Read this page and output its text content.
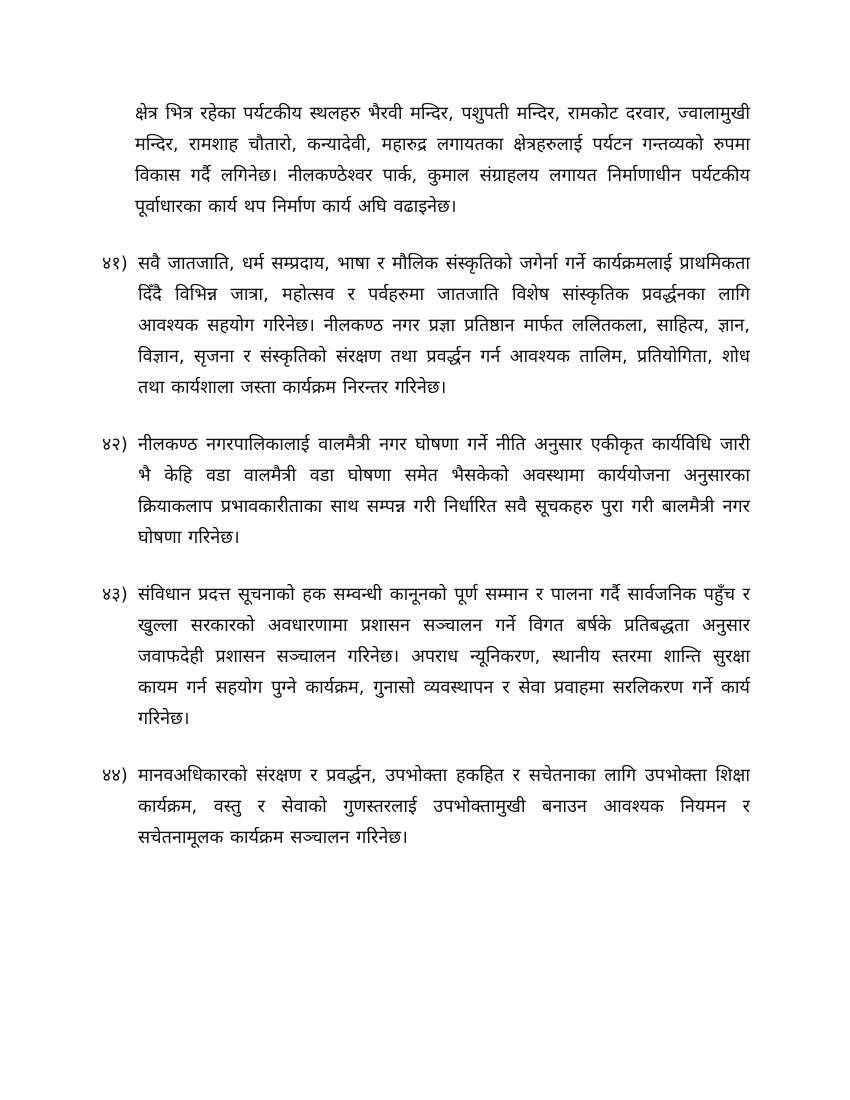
क्षेत्र भित्र रहेका पर्यटकीय स्थलहरु भैरवी मन्दिर, पशुपती मन्दिर, रामकोट दरवार, ज्वालामुखी मन्दिर, रामशाह चौतारो, कन्यादेवी, महारुद्र लगायतका क्षेत्रहरुलाई पर्यटन गन्तव्यको रुपमा विकास गर्दै लगिनेछ। नीलकण्ठेश्वर पार्क, कुमाल संग्राहलय लगायत निर्माणाधीन पर्यटकीय पूर्वाधारका कार्य थप निर्माण कार्य अघि वढाइनेछ।

४१) सवै जातजाति, धर्म सम्प्रदाय, भाषा र मौलिक संस्कृतिको जगेर्ना गर्ने कार्यक्रमलाई प्राथमिकता दिँदै विभिन्न जात्रा, महोत्सव र पर्वहरुमा जातजाति विशेष सांस्कृतिक प्रवर्द्धनका लागि आवश्यक सहयोग गरिनेछ। नीलकण्ठ नगर प्रज्ञा प्रतिष्ठान मार्फत ललितकला, साहित्य, ज्ञान, विज्ञान, सृजना र संस्कृतिको संरक्षण तथा प्रवर्द्धन गर्न आवश्यक तालिम, प्रतियोगिता, शोध तथा कार्यशाला जस्ता कार्यक्रम निरन्तर गरिनेछ।

४२) नीलकण्ठ नगरपालिकालाई वालमैत्री नगर घोषणा गर्ने नीति अनुसार एकीकृत कार्यविधि जारी भै केहि वडा वालमैत्री वडा घोषणा समेत भैसकेको अवस्थामा कार्ययोजना अनुसारका क्रियाकलाप प्रभावकारीताका साथ सम्पन्न गरी निर्धारित सवै सूचकहरु पुरा गरी बालमैत्री नगर घोषणा गरिनेछ।

४३) संविधान प्रदत्त सूचनाको हक सम्वन्धी कानूनको पूर्ण सम्मान र पालना गर्दै सार्वजनिक पहुँच र खुल्ला सरकारको अवधारणामा प्रशासन सञ्चालन गर्ने विगत बर्षके प्रतिबद्धता अनुसार जवाफदेही प्रशासन सञ्चालन गरिनेछ। अपराध न्यूनिकरण, स्थानीय स्तरमा शान्ति सुरक्षा कायम गर्न सहयोग पुग्ने कार्यक्रम, गुनासो व्यवस्थापन र सेवा प्रवाहमा सरलिकरण गर्ने कार्य गरिनेछ।

४४) मानवअधिकारको संरक्षण र प्रवर्द्धन, उपभोक्ता हकहित र सचेतनाका लागि उपभोक्ता शिक्षा कार्यक्रम, वस्तु र सेवाको गुणस्तरलाई उपभोक्तामुखी बनाउन आवश्यक नियमन र सचेतनामूलक कार्यक्रम सञ्चालन गरिनेछ।
